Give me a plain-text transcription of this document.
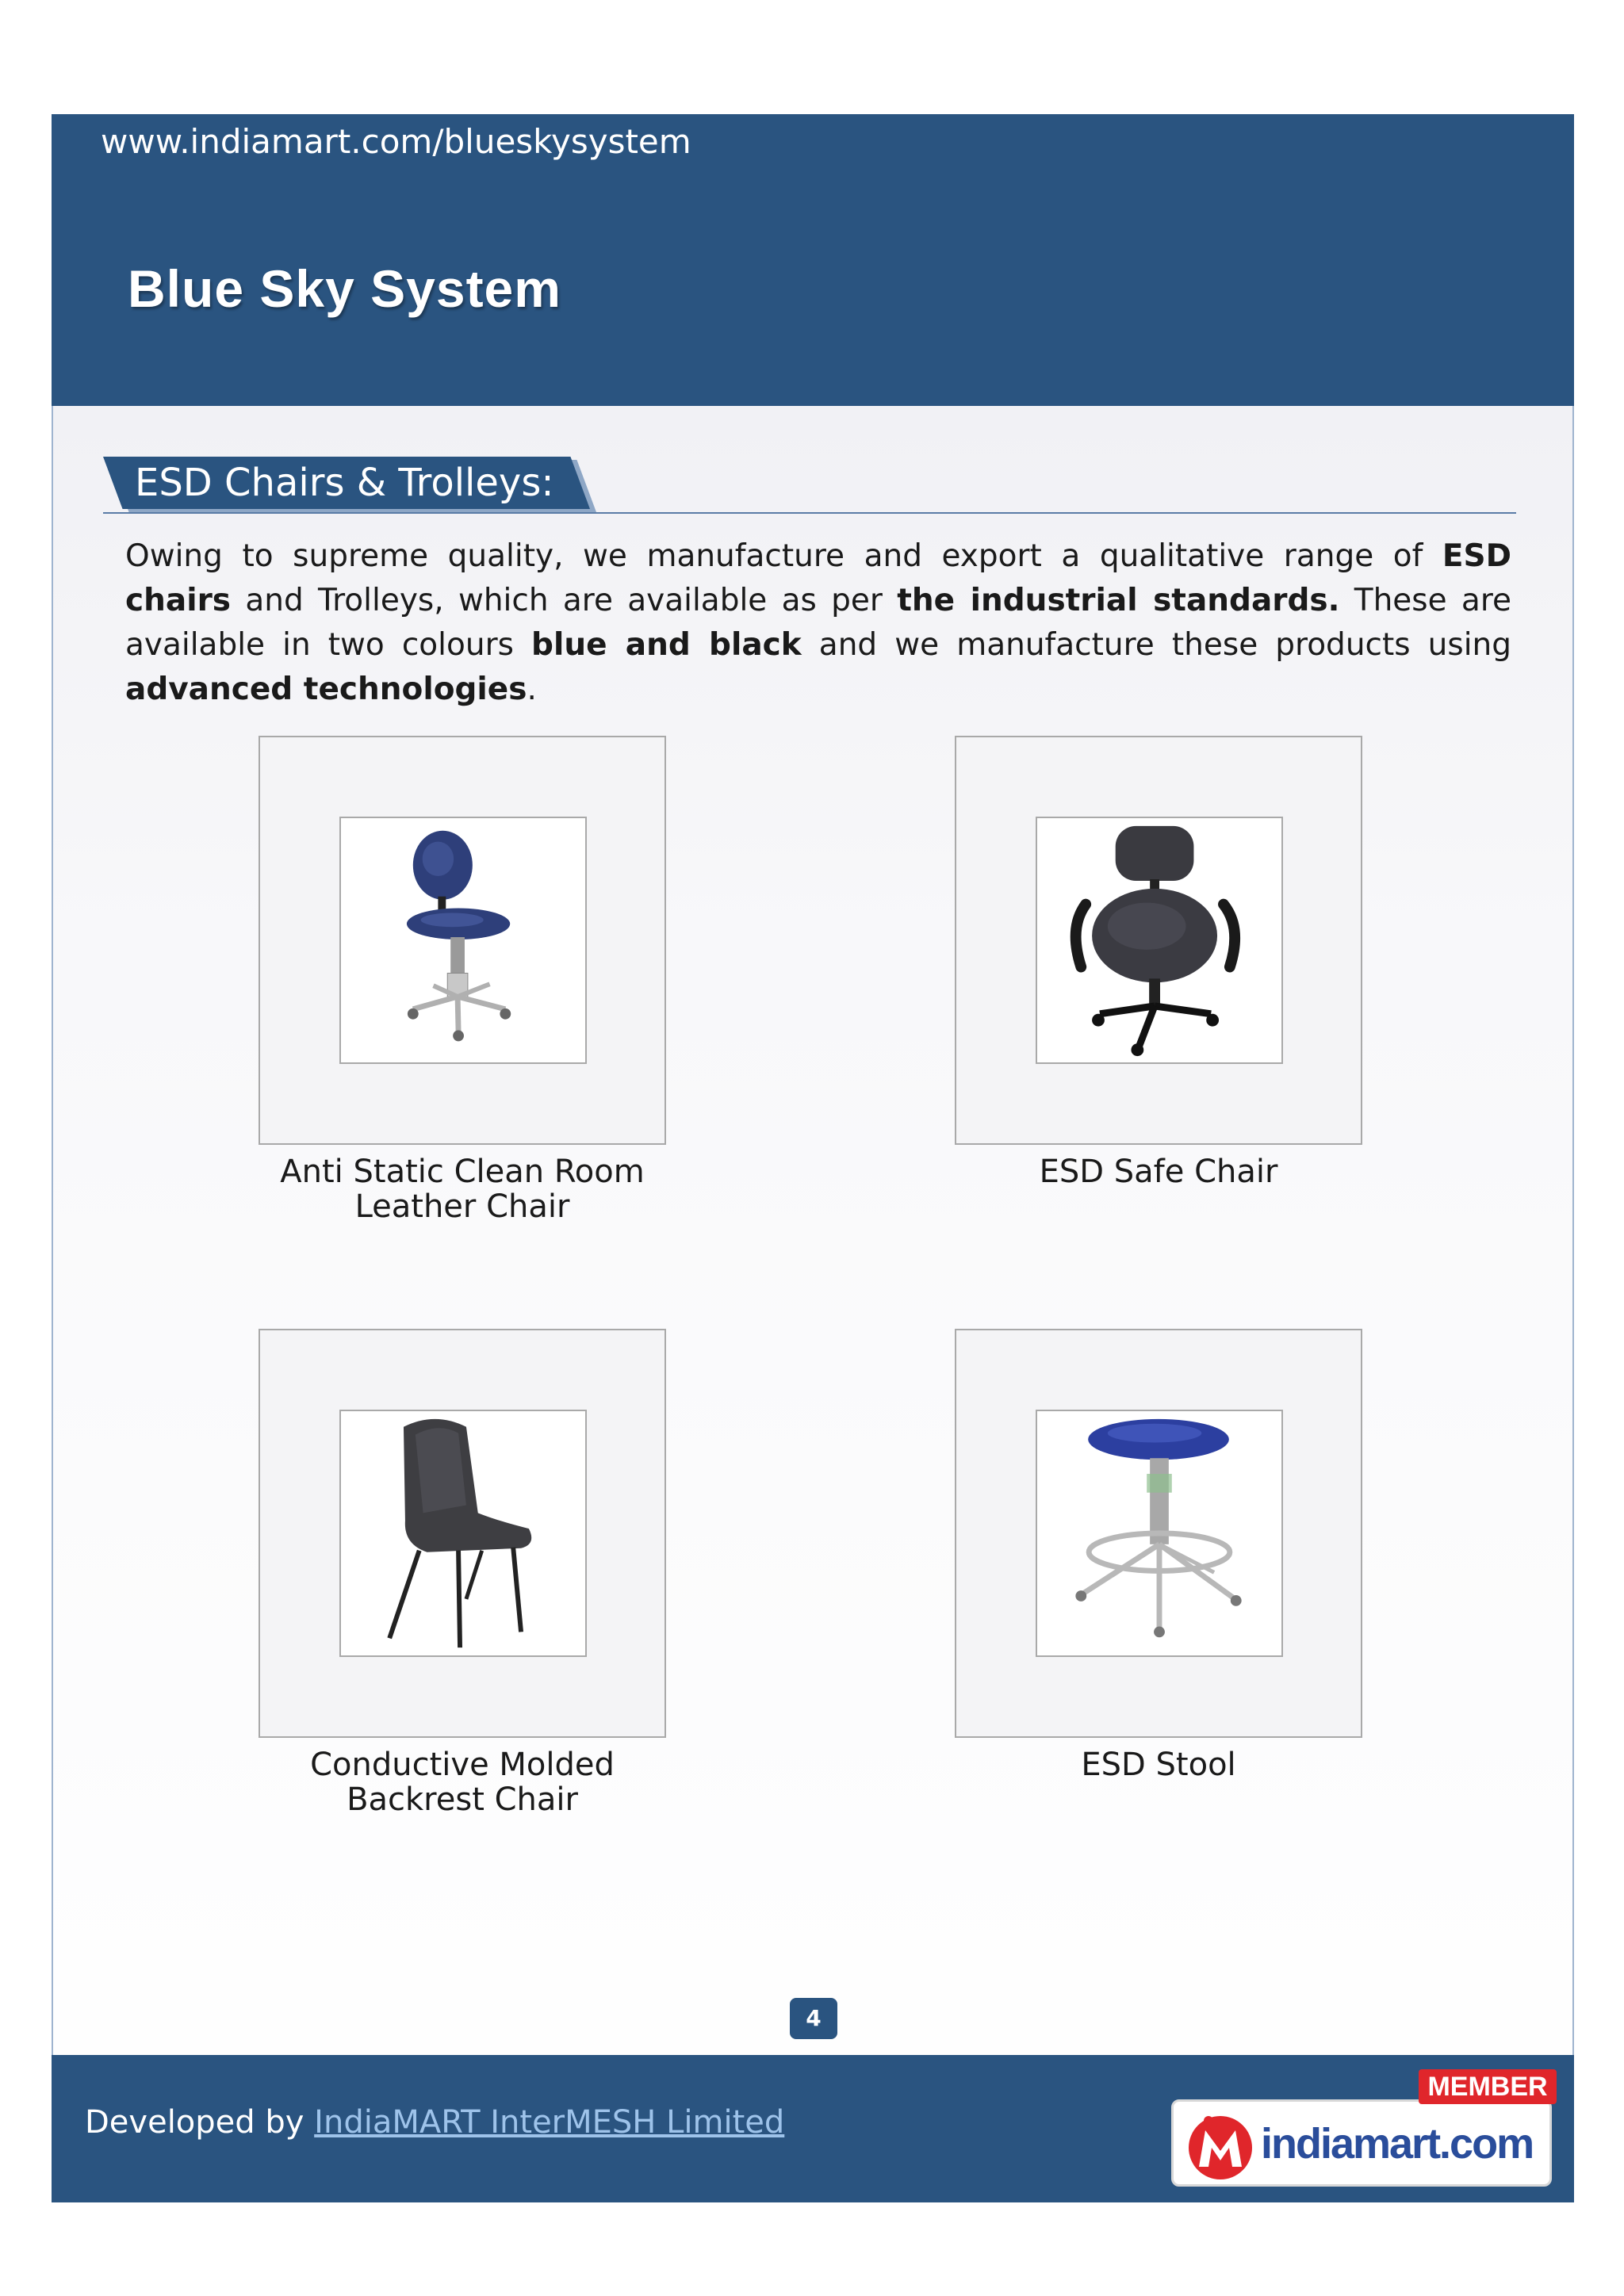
www.indiamart.com/blueskysystem
Blue Sky System
ESD Chairs & Trolleys:
Owing to supreme quality, we manufacture and export a qualitative range of ESD chairs and Trolleys, which are available as per the industrial standards. These are available in two colours blue and black and we manufacture these products using advanced technologies.
Anti Static Clean Room
Leather Chair
ESD Safe Chair
Conductive Molded
Backrest Chair
ESD Stool
4
Developed by IndiaMART InterMESH Limited	indiamart.com
MEMBER
